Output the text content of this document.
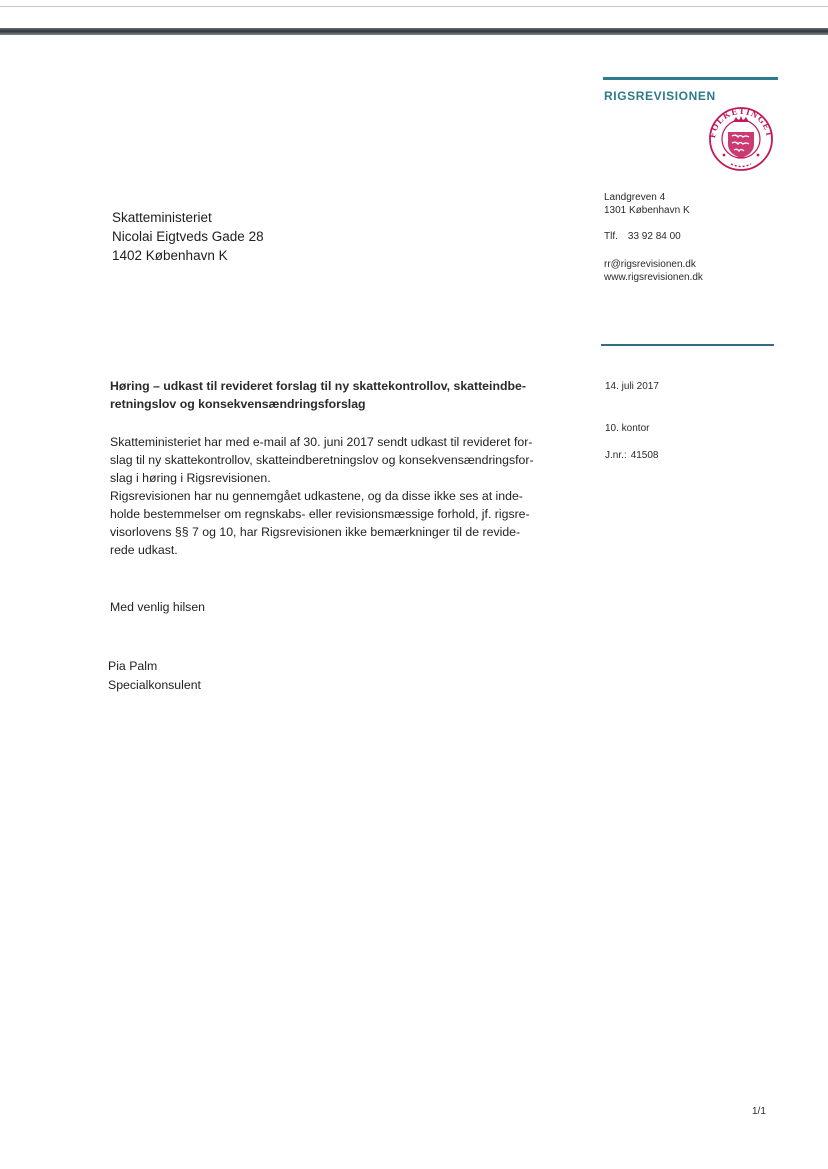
RIGSREVISIONEN
FOLKETINGET
Landgreven 4
1301 København K
Tlf. 33 92 84 00
rr@rigsrevisionen.dk
www.rigsrevisionen.dk
Skatteministeriet
Nicolai Eigtveds Gade 28
1402 København K
14. juli 2017
10. kontor
J.nr.: 41508
Høring – udkast til revideret forslag til ny skattekontrollov, skatteindbe-
retningslov og konsekvensændringsforslag
Skatteministeriet har med e-mail af 30. juni 2017 sendt udkast til revideret for-
slag til ny skattekontrollov, skatteindberetningslov og konsekvensændringsfor-
slag i høring i Rigsrevisionen.
Rigsrevisionen har nu gennemgået udkastene, og da disse ikke ses at inde-
holde bestemmelser om regnskabs- eller revisionsmæssige forhold, jf. rigsre-
visorlovens §§ 7 og 10, har Rigsrevisionen ikke bemærkninger til de revide-
rede udkast.
Med venlig hilsen
Pia Palm
Specialkonsulent
1/1
